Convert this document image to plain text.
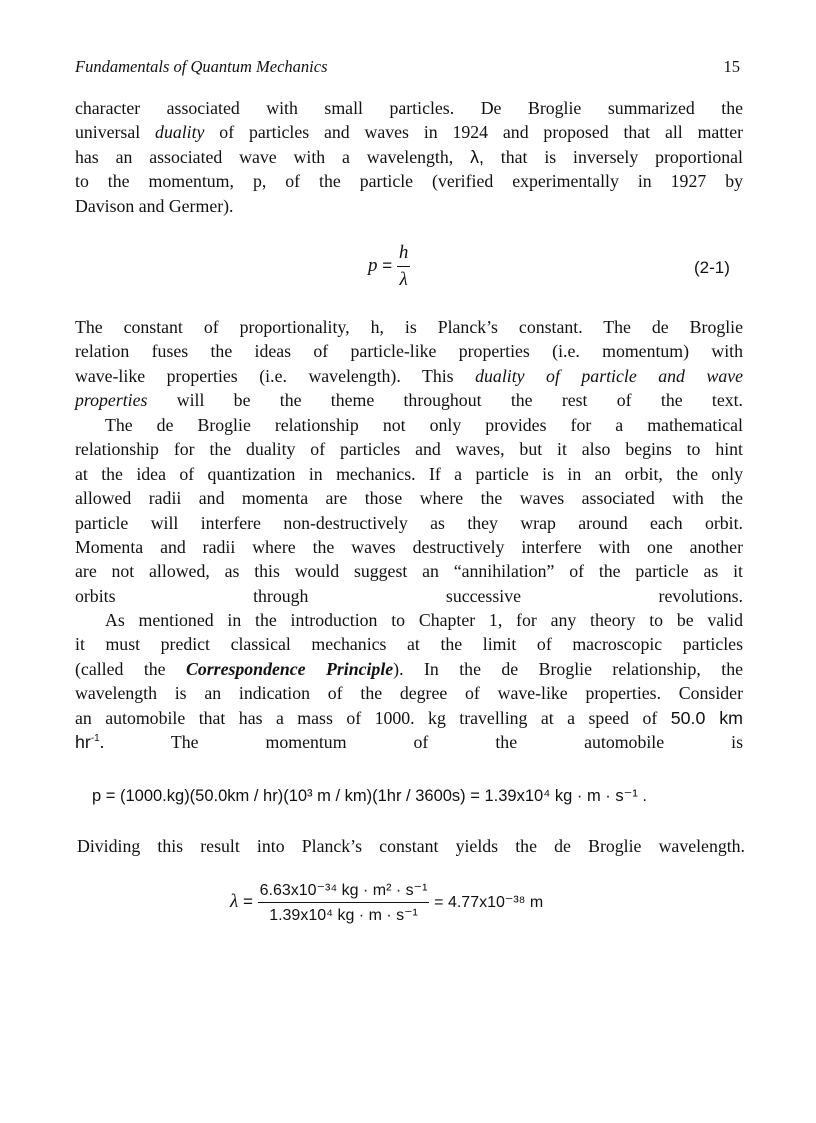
Fundamentals of Quantum Mechanics	15
character associated with small particles. De Broglie summarized the
universal duality of particles and waves in 1924 and proposed that all matter
has an associated wave with a wavelength, λ, that is inversely proportional
to the momentum, p, of the particle (verified experimentally in 1927 by
Davison and Germer).
$p = \frac{h}{\lambda}$	(2-1)
The constant of proportionality, h, is Planck’s constant. The de Broglie
relation fuses the ideas of particle-like properties (i.e. momentum) with
wave-like properties (i.e. wavelength). This duality of particle and wave
properties will be the theme throughout the rest of the text.
The de Broglie relationship not only provides for a mathematical
relationship for the duality of particles and waves, but it also begins to hint
at the idea of quantization in mechanics. If a particle is in an orbit, the only
allowed radii and momenta are those where the waves associated with the
particle will interfere non-destructively as they wrap around each orbit.
Momenta and radii where the waves destructively interfere with one another
are not allowed, as this would suggest an “annihilation” of the particle as it
orbits through successive revolutions.
As mentioned in the introduction to Chapter 1, for any theory to be valid
it must predict classical mechanics at the limit of macroscopic particles
(called the Correspondence Principle). In the de Broglie relationship, the
wavelength is an indication of the degree of wave-like properties. Consider
an automobile that has a mass of 1000. kg travelling at a speed of 50.0 km
$hr^{-1}$. The momentum of the automobile is
p = (1000.kg)(50.0km / hr)(10³ m / km)(1hr / 3600s) = 1.39x10⁴ kg · m · s⁻¹ .
Dividing this result into Planck’s constant yields the de Broglie wavelength.
$\lambda = \frac{\text{6.63x10⁻³⁴ kg · m² · s⁻¹}}{\text{1.39x10⁴ kg · m · s⁻¹}} = 4.77x10^{-38}$ m
